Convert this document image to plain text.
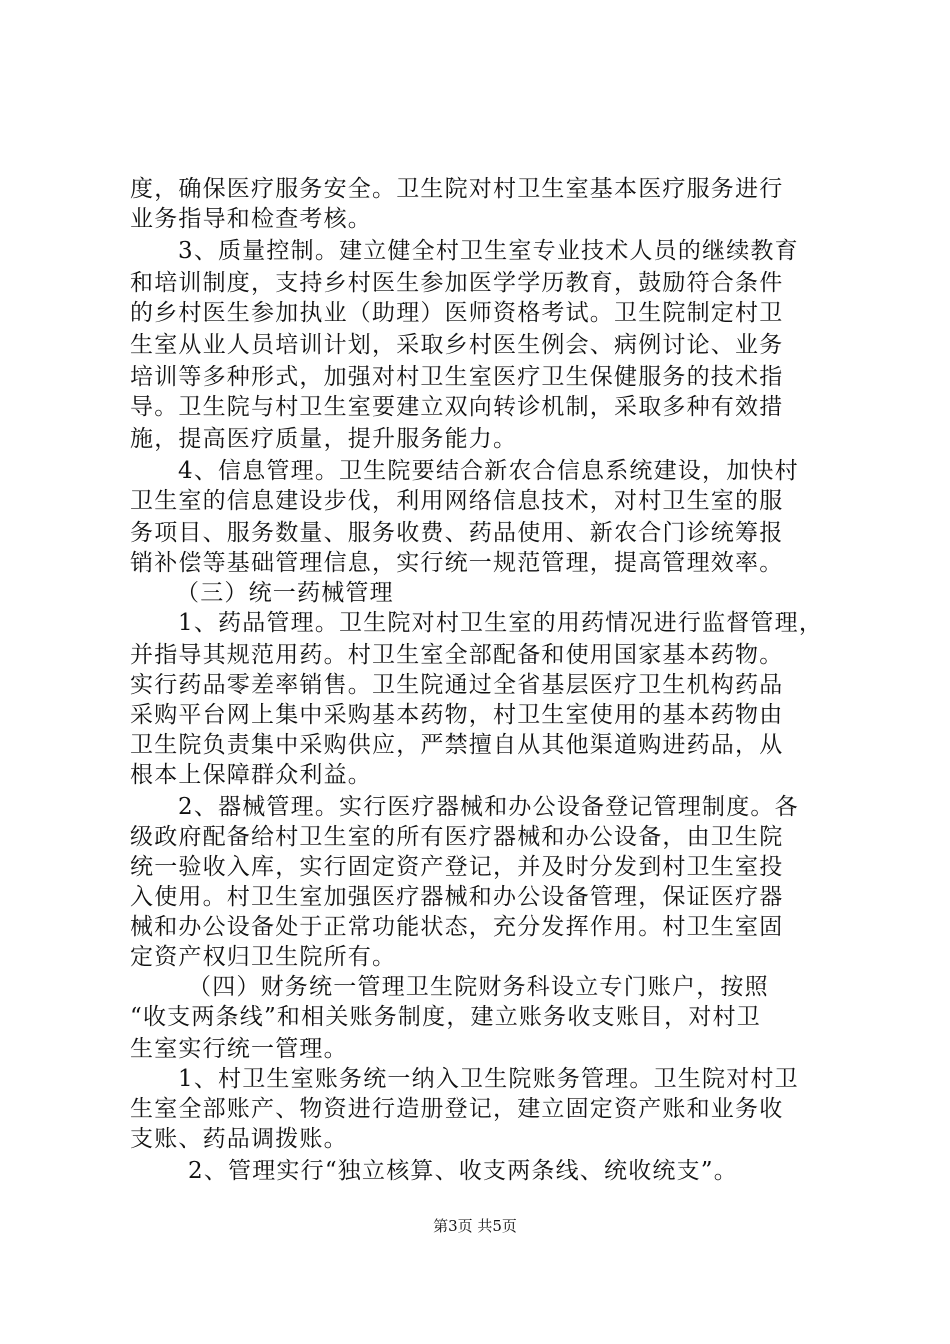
度，确保医疗服务安全。卫生院对村卫生室基本医疗服务进行
业务指导和检查考核。
3、质量控制。建立健全村卫生室专业技术人员的继续教育
和培训制度，支持乡村医生参加医学学历教育，鼓励符合条件
的乡村医生参加执业（助理）医师资格考试。卫生院制定村卫
生室从业人员培训计划，采取乡村医生例会、病例讨论、业务
培训等多种形式，加强对村卫生室医疗卫生保健服务的技术指
导。卫生院与村卫生室要建立双向转诊机制，采取多种有效措
施，提高医疗质量，提升服务能力。
4、信息管理。卫生院要结合新农合信息系统建设，加快村
卫生室的信息建设步伐，利用网络信息技术，对村卫生室的服
务项目、服务数量、服务收费、药品使用、新农合门诊统筹报
销补偿等基础管理信息，实行统一规范管理，提高管理效率。
（三）统一药械管理
1、药品管理。卫生院对村卫生室的用药情况进行监督管理，
并指导其规范用药。村卫生室全部配备和使用国家基本药物。
实行药品零差率销售。卫生院通过全省基层医疗卫生机构药品
采购平台网上集中采购基本药物，村卫生室使用的基本药物由
卫生院负责集中采购供应，严禁擅自从其他渠道购进药品，从
根本上保障群众利益。
2、器械管理。实行医疗器械和办公设备登记管理制度。各
级政府配备给村卫生室的所有医疗器械和办公设备，由卫生院
统一验收入库，实行固定资产登记，并及时分发到村卫生室投
入使用。村卫生室加强医疗器械和办公设备管理，保证医疗器
械和办公设备处于正常功能状态，充分发挥作用。村卫生室固
定资产权归卫生院所有。
（四）财务统一管理卫生院财务科设立专门账户，按照
“收支两条线”和相关账务制度，建立账务收支账目，对村卫
生室实行统一管理。
1、村卫生室账务统一纳入卫生院账务管理。卫生院对村卫
生室全部账产、物资进行造册登记，建立固定资产账和业务收
支账、药品调拨账。
2、管理实行“独立核算、收支两条线、统收统支”。
第3页 共5页
